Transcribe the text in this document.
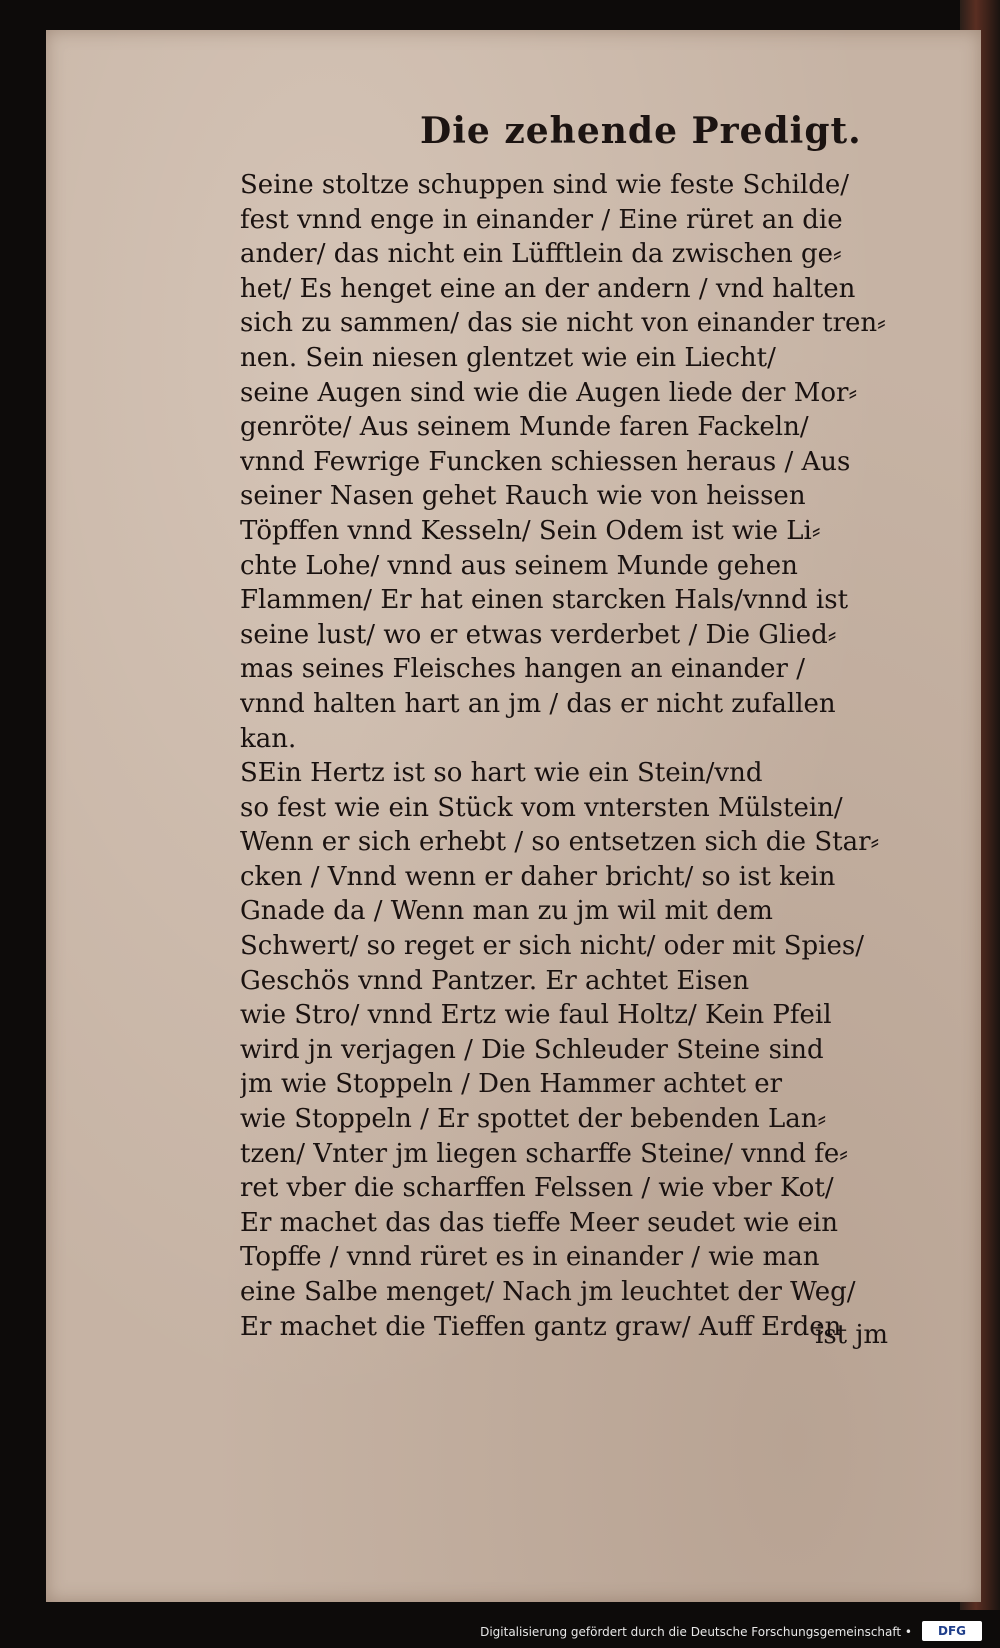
Die zehende Predigt.
Seine stoltze schuppen sind wie feste Schilde/
fest vnnd enge in einander / Eine rüret an die
ander/ das nicht ein Lüfftlein da zwischen ge⸗
het/ Es henget eine an der andern / vnd halten
sich zu sammen/ das sie nicht von einander tren⸗
nen. Sein niesen glentzet wie ein Liecht/
seine Augen sind wie die Augen liede der Mor⸗
genröte/ Aus seinem Munde faren Fackeln/
vnnd Fewrige Funcken schiessen heraus / Aus
seiner Nasen gehet Rauch wie von heissen
Töpffen vnnd Kesseln/ Sein Odem ist wie Li⸗
chte Lohe/ vnnd aus seinem Munde gehen
Flammen/ Er hat einen starcken Hals/vnnd ist
seine lust/ wo er etwas verderbet / Die Glied⸗
mas seines Fleisches hangen an einander /
vnnd halten hart an jm / das er nicht zufallen
kan.
SEin Hertz ist so hart wie ein Stein/vnd
so fest wie ein Stück vom vntersten Mülstein/
Wenn er sich erhebt / so entsetzen sich die Star⸗
cken / Vnnd wenn er daher bricht/ so ist kein
Gnade da / Wenn man zu jm wil mit dem
Schwert/ so reget er sich nicht/ oder mit Spies/
Geschös vnnd Pantzer. Er achtet Eisen
wie Stro/ vnnd Ertz wie faul Holtz/ Kein Pfeil
wird jn verjagen / Die Schleuder Steine sind
jm wie Stoppeln / Den Hammer achtet er
wie Stoppeln / Er spottet der bebenden Lan⸗
tzen/ Vnter jm liegen scharffe Steine/ vnnd fe⸗
ret vber die scharffen Felssen / wie vber Kot/
Er machet das das tieffe Meer seudet wie ein
Topffe / vnnd rüret es in einander / wie man
eine Salbe menget/ Nach jm leuchtet der Weg/
Er machet die Tieffen gantz graw/ Auff Erden
ist jm
Digitalisierung gefördert durch die Deutsche Forschungsgemeinschaft •	DFG
